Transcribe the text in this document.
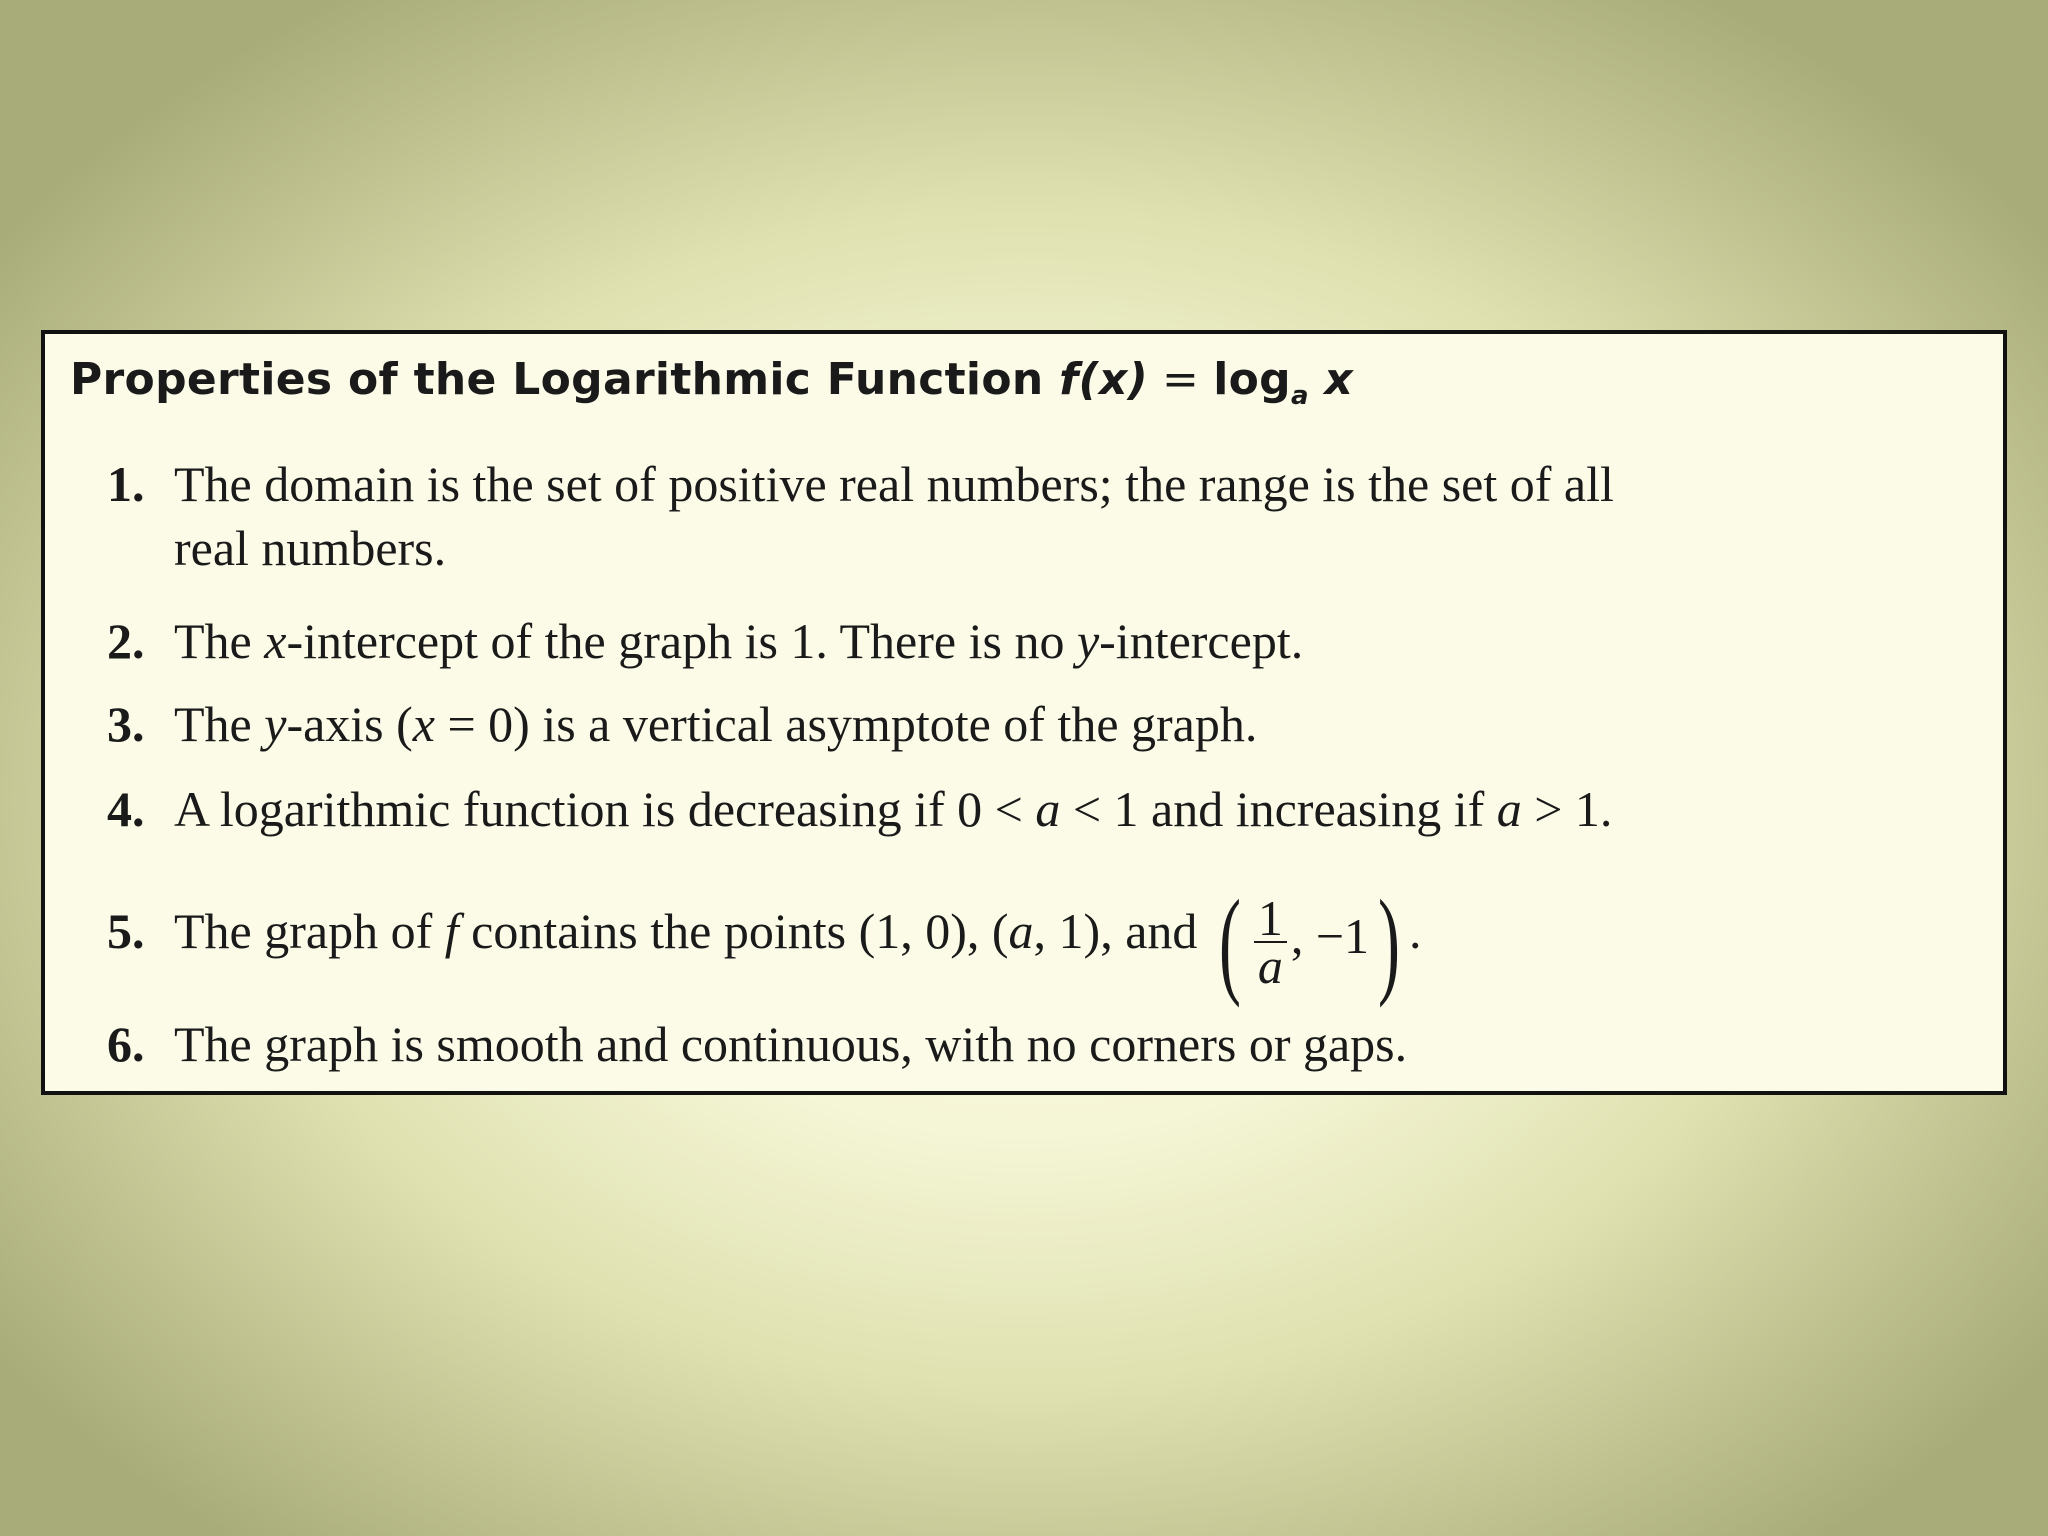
Properties of the Logarithmic Function $f(x) = \log_a x$
1. The domain is the set of positive real numbers; the range is the set of all
real numbers.
2. The x-intercept of the graph is 1. There is no y-intercept.
3. The y-axis (x = 0) is a vertical asymptote of the graph.
4. A logarithmic function is decreasing if 0 < a < 1 and increasing if a > 1.
5. The graph of f contains the points (1, 0), (a, 1), and ( $\frac{1}{a}$ , −1) .
6. The graph is smooth and continuous, with no corners or gaps.
